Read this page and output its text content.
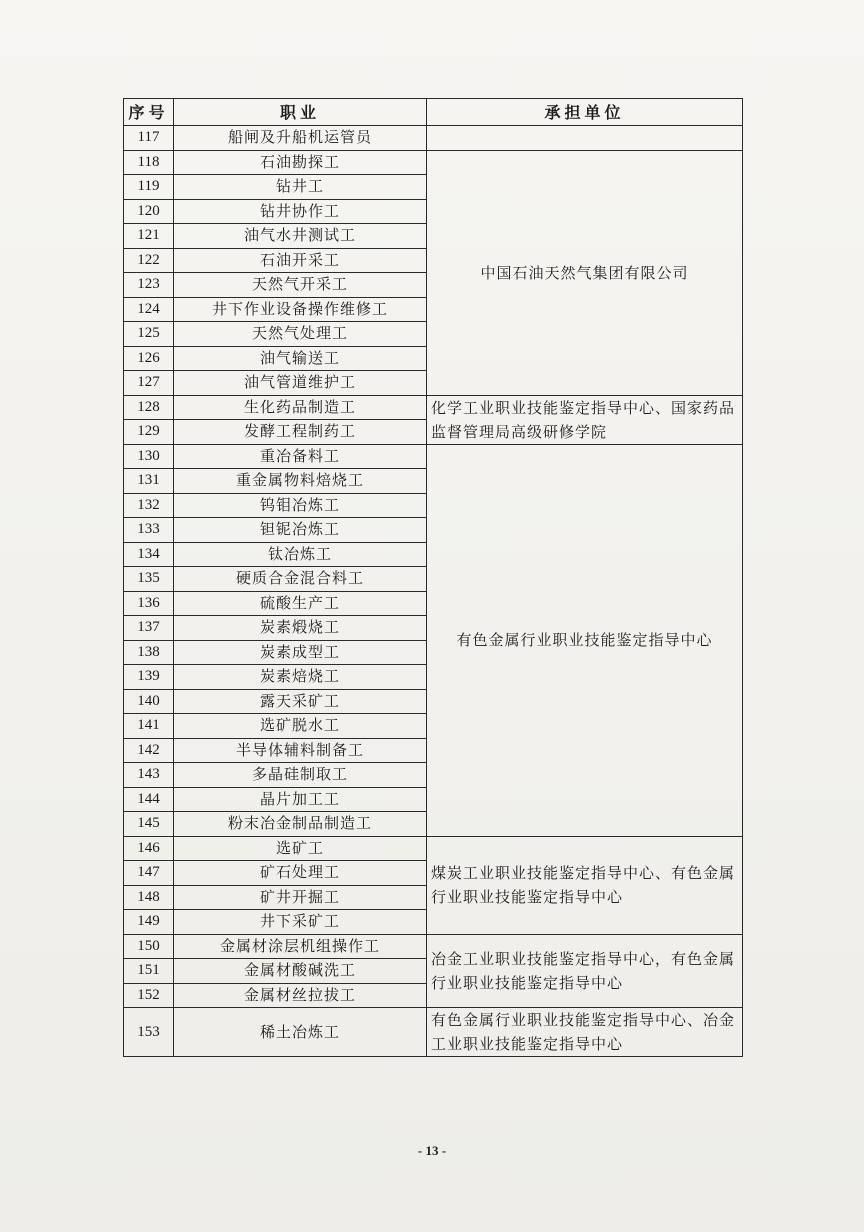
序号	职业	承担单位
117	船闸及升船机运管员	
118	石油勘探工	中国石油天然气集团有限公司
119	钻井工	
120	钻井协作工	
121	油气水井测试工	
122	石油开采工	
123	天然气开采工	
124	井下作业设备操作维修工	
125	天然气处理工	
126	油气输送工	
127	油气管道维护工	
128	生化药品制造工	化学工业职业技能鉴定指导中心、国家药品监督管理局高级研修学院
129	发酵工程制药工	
130	重冶备料工	有色金属行业职业技能鉴定指导中心
131	重金属物料焙烧工	
132	钨钼冶炼工	
133	钽铌冶炼工	
134	钛冶炼工	
135	硬质合金混合料工	
136	硫酸生产工	
137	炭素煅烧工	
138	炭素成型工	
139	炭素焙烧工	
140	露天采矿工	
141	选矿脱水工	
142	半导体辅料制备工	
143	多晶硅制取工	
144	晶片加工工	
145	粉末冶金制品制造工	
146	选矿工	煤炭工业职业技能鉴定指导中心、有色金属行业职业技能鉴定指导中心
147	矿石处理工	
148	矿井开掘工	
149	井下采矿工	
150	金属材涂层机组操作工	冶金工业职业技能鉴定指导中心，有色金属行业职业技能鉴定指导中心
151	金属材酸碱洗工	
152	金属材丝拉拔工	
153	稀土冶炼工	有色金属行业职业技能鉴定指导中心、冶金工业职业技能鉴定指导中心
- 13 -
